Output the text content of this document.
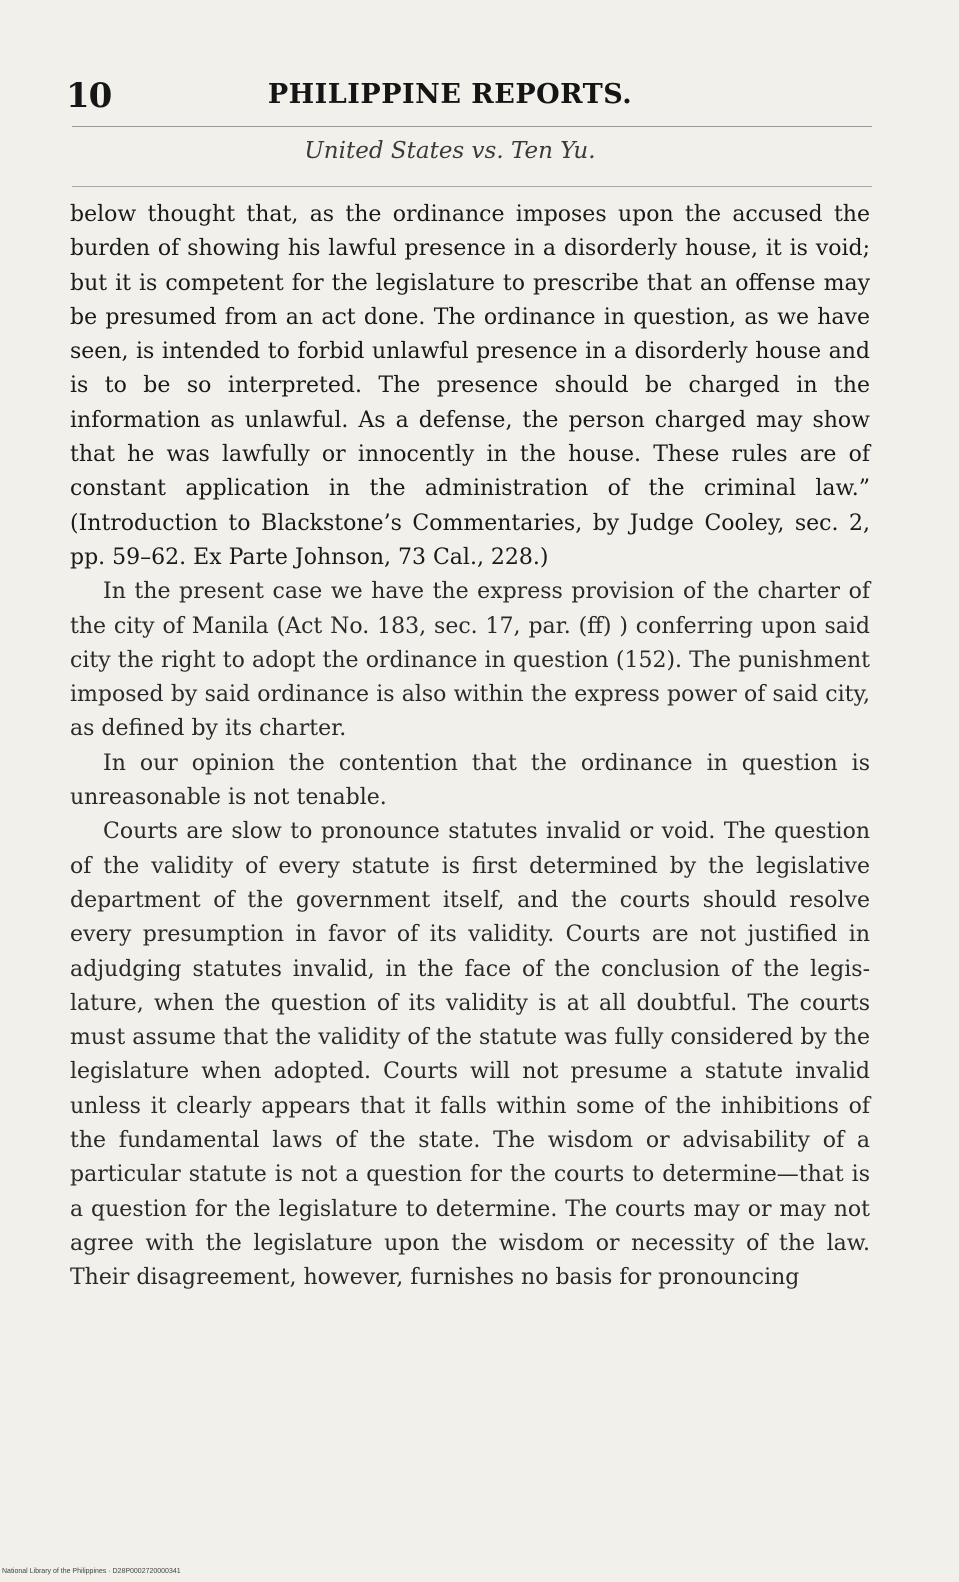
10	PHILIPPINE REPORTS.
United States vs. Ten Yu.

below thought that, as the ordinance imposes upon the accused the burden of showing his lawful presence in a disorderly house, it is void; but it is competent for the legislature to prescribe that an offense may be presumed from an act done. The ordinance in question, as we have seen, is intended to forbid unlawful presence in a disorderly house and is to be so interpreted. The presence should be charged in the information as unlawful. As a defense, the person charged may show that he was lawfully or innocently in the house. These rules are of constant application in the administration of the criminal law.” (Introduction to Blackstone’s Commentaries, by Judge Cooley, sec. 2, pp. 59–62. Ex Parte Johnson, 73 Cal., 228.)

In the present case we have the express provision of the charter of the city of Manila (Act No. 183, sec. 17, par. (ff) ) conferring upon said city the right to adopt the ordinance in question (152). The punishment imposed by said ordinance is also within the express power of said city, as defined by its charter.

In our opinion the contention that the ordinance in question is unreasonable is not tenable.

Courts are slow to pronounce statutes invalid or void. The question of the validity of every statute is first determined by the legislative department of the government itself, and the courts should resolve every presumption in favor of its validity. Courts are not justified in adjudging statutes invalid, in the face of the conclusion of the legislature, when the question of its validity is at all doubtful. The courts must assume that the validity of the statute was fully considered by the legislature when adopted. Courts will not presume a statute invalid unless it clearly appears that it falls within some of the inhibitions of the fundamental laws of the state. The wisdom or advisability of a particular statute is not a question for the courts to determine—that is a question for the legislature to determine. The courts may or may not agree with the legislature upon the wisdom or necessity of the law. Their disagreement, however, furnishes no basis for pronouncing

National Library of the Philippines · D28P0002720000341
